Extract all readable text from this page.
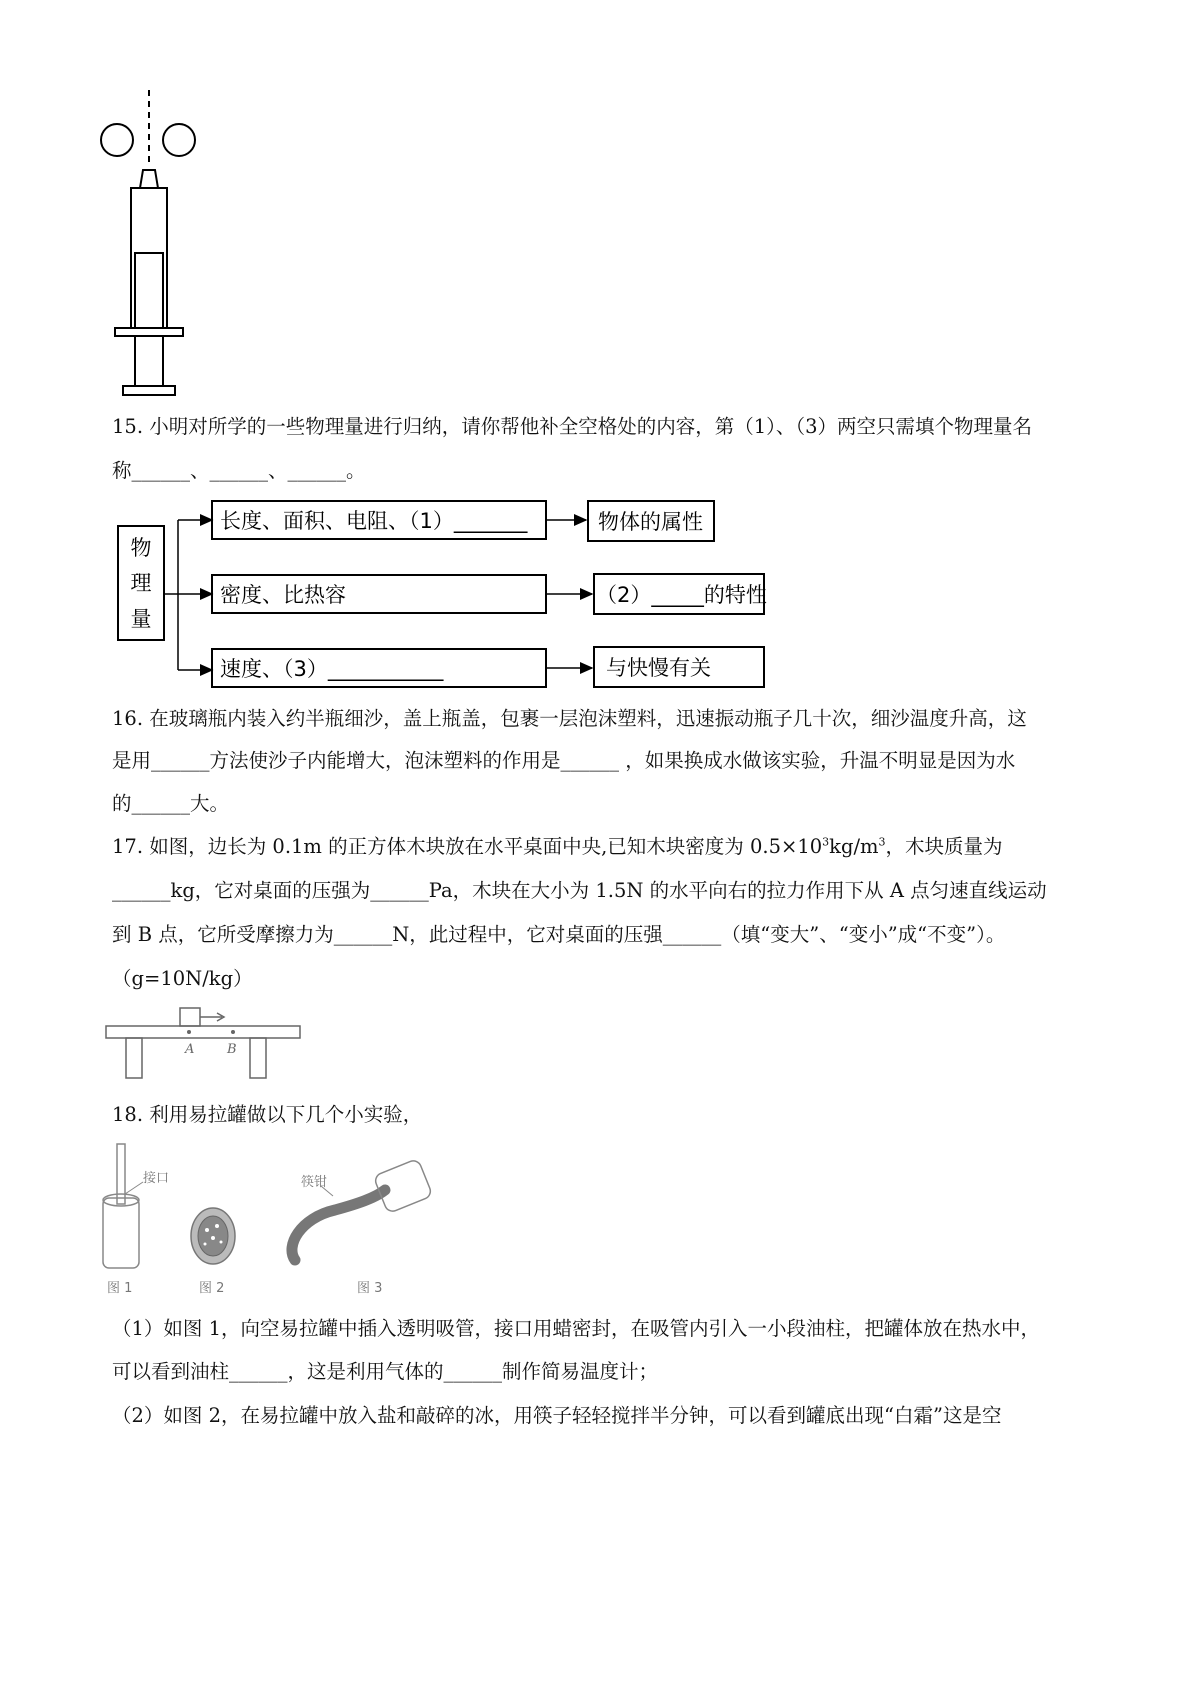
15. 小明对所学的一些物理量进行归纳，请你帮他补全空格处的内容，第（1）、（3）两空只需填个物理量名
称______、______、______。
物
理
量
长度、面积、电阻、（1）_______
密度、比热容
速度、（3）___________
物体的属性
（2）_____的特性
与快慢有关
16. 在玻璃瓶内装入约半瓶细沙，盖上瓶盖，包裹一层泡沫塑料，迅速振动瓶子几十次，细沙温度升高，这
是用______方法使沙子内能增大，泡沫塑料的作用是______ ，如果换成水做该实验，升温不明显是因为水
的______大。
17. 如图，边长为 0.1m 的正方体木块放在水平桌面中央,已知木块密度为 $0.5\times 10^3kg/m^3$，木块质量为
______kg，它对桌面的压强为______Pa，木块在大小为 1.5N 的水平向右的拉力作用下从 A 点匀速直线运动
到 B 点，它所受摩擦力为______N，此过程中，它对桌面的压强______（填“变大”、“变小”成“不变”）。
（g=10N/kg）
A	B
18. 利用易拉罐做以下几个小实验，
接口	筷钳
图 1	图 2	图 3
（1）如图 1，向空易拉罐中插入透明吸管，接口用蜡密封，在吸管内引入一小段油柱，把罐体放在热水中，
可以看到油柱______，这是利用气体的______制作简易温度计；
（2）如图 2，在易拉罐中放入盐和敲碎的冰，用筷子轻轻搅拌半分钟，可以看到罐底出现“白霜”这是空
